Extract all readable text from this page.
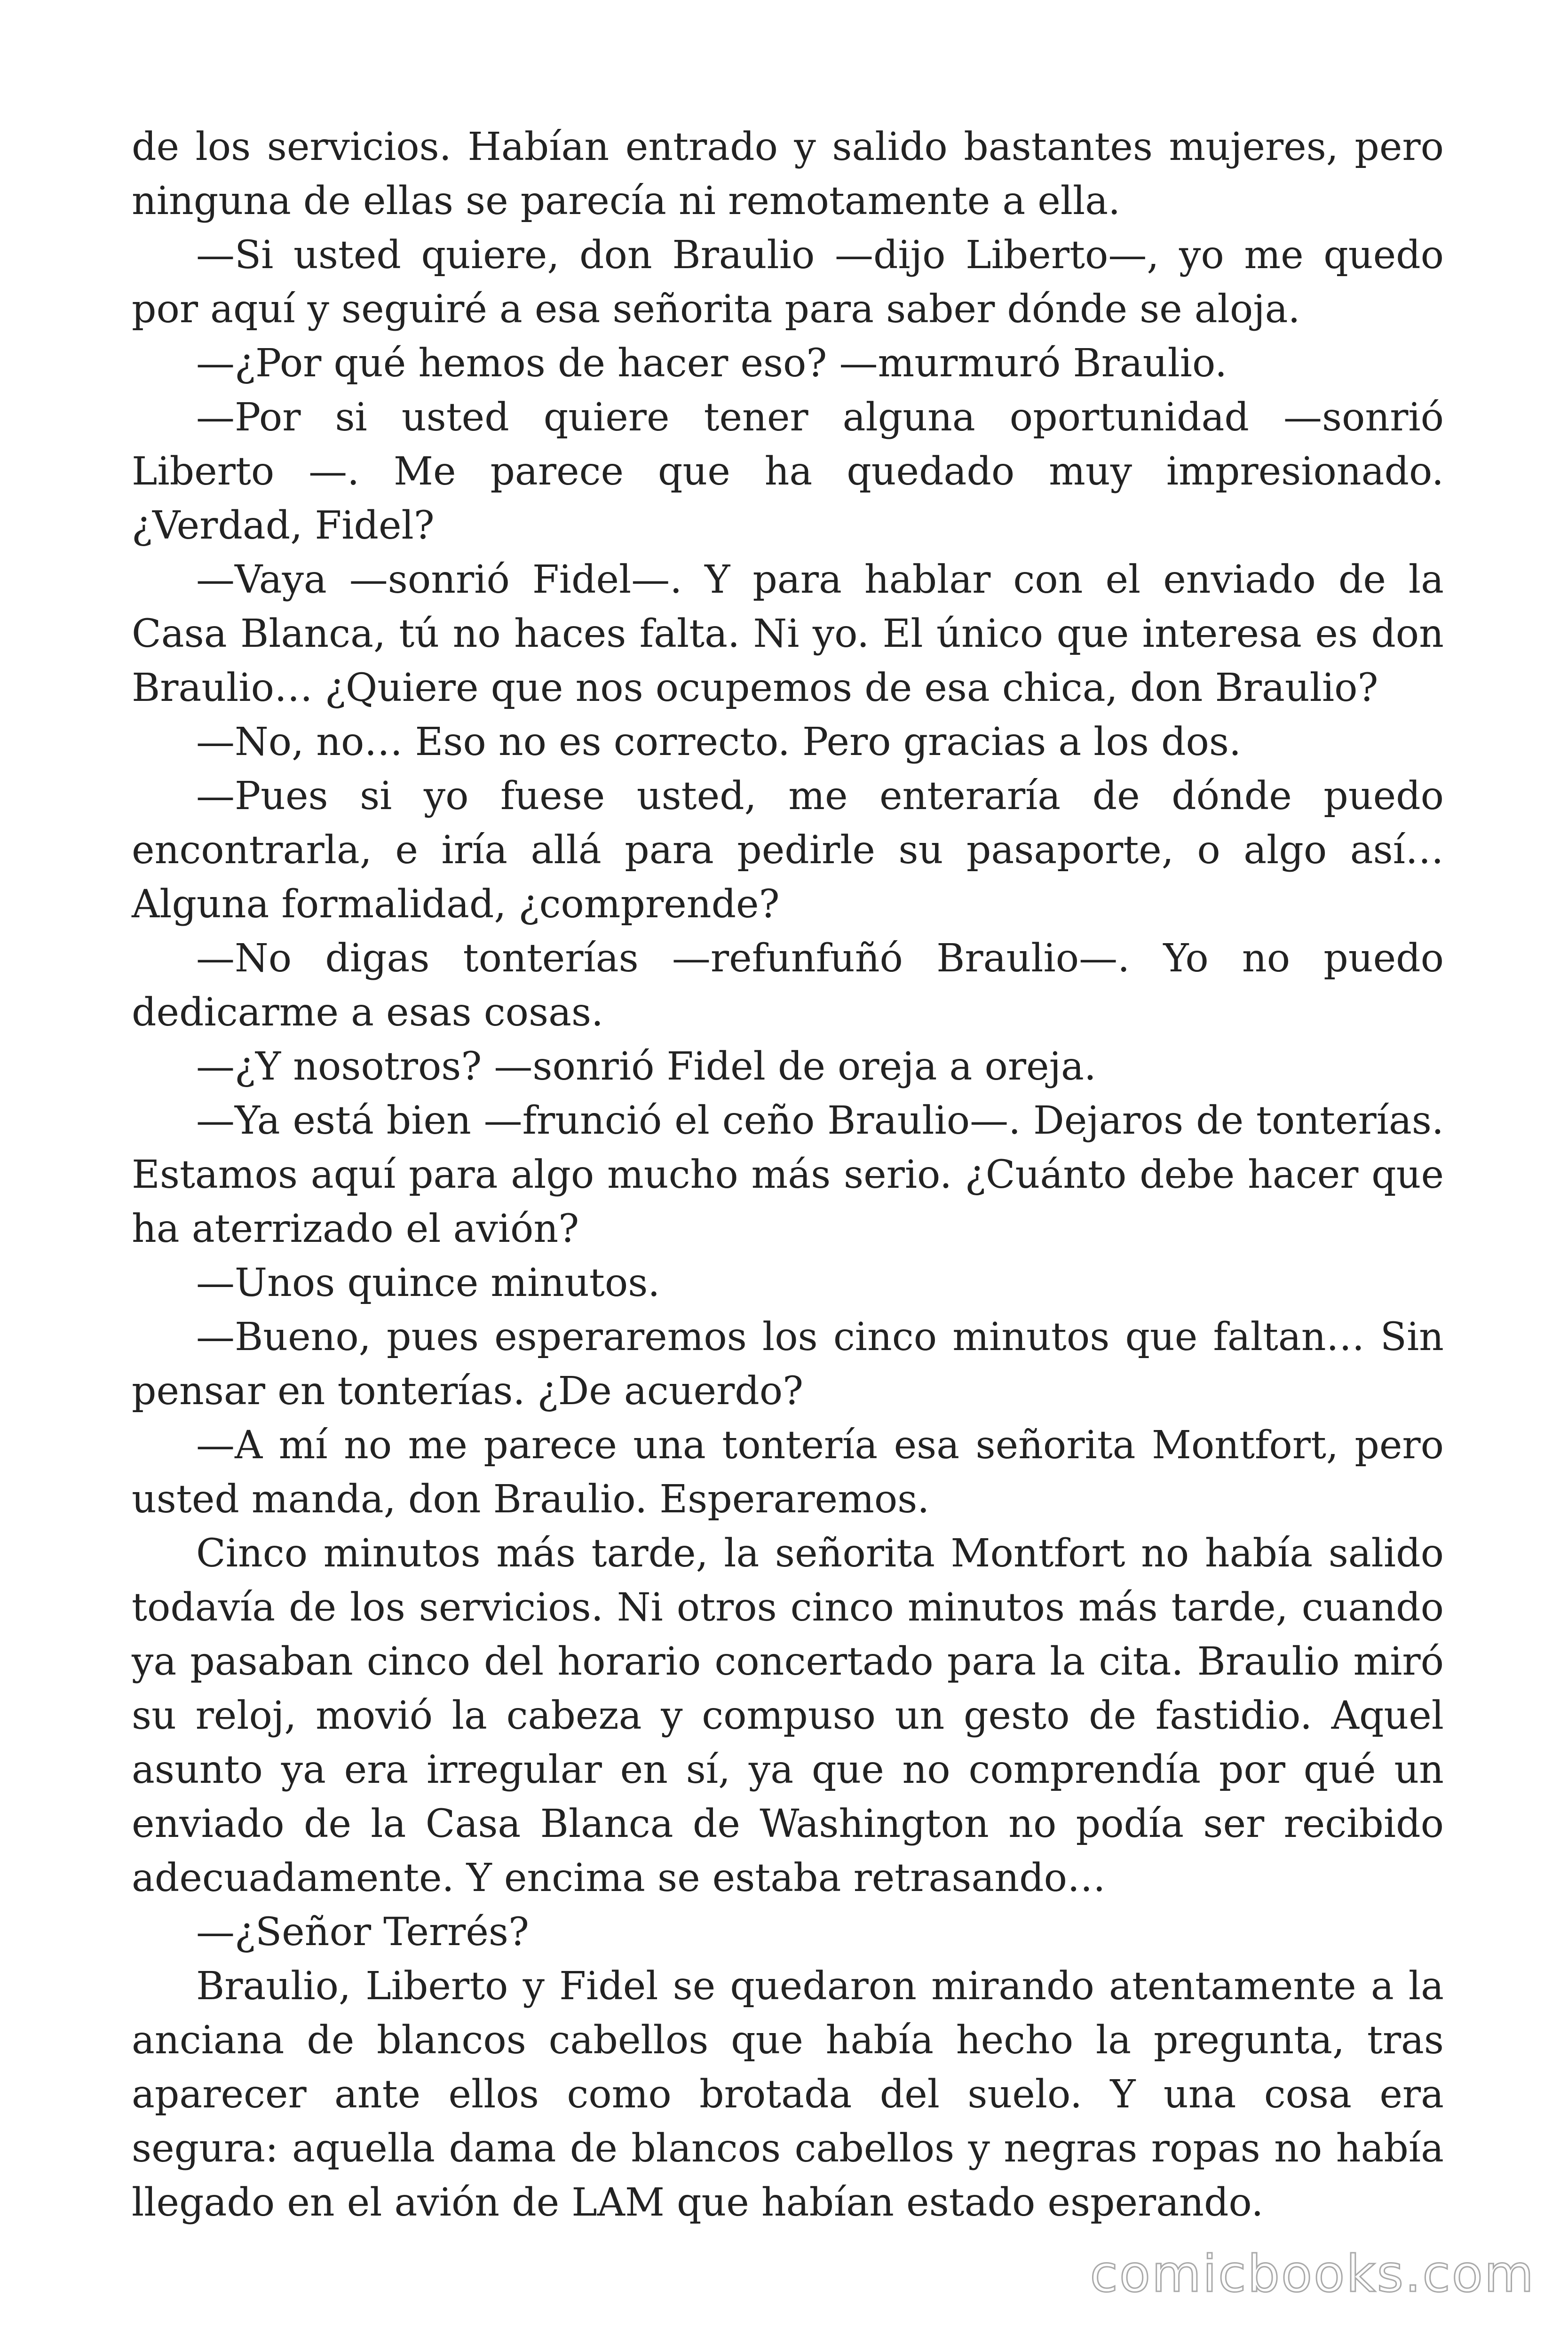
de los servicios. Habían entrado y salido bastantes mujeres, pero ninguna de ellas se parecía ni remotamente a ella.

—Si usted quiere, don Braulio —dijo Liberto—, yo me quedo por aquí y seguiré a esa señorita para saber dónde se aloja.

—¿Por qué hemos de hacer eso? —murmuró Braulio.

—Por si usted quiere tener alguna oportunidad —sonrió Liberto —. Me parece que ha quedado muy impresionado. ¿Verdad, Fidel?

—Vaya —sonrió Fidel—. Y para hablar con el enviado de la Casa Blanca, tú no haces falta. Ni yo. El único que interesa es don Braulio… ¿Quiere que nos ocupemos de esa chica, don Braulio?

—No, no… Eso no es correcto. Pero gracias a los dos.

—Pues si yo fuese usted, me enteraría de dónde puedo encontrarla, e iría allá para pedirle su pasaporte, o algo así… Alguna formalidad, ¿comprende?

—No digas tonterías —refunfuñó Braulio—. Yo no puedo dedicarme a esas cosas.

—¿Y nosotros? —sonrió Fidel de oreja a oreja.

—Ya está bien —frunció el ceño Braulio—. Dejaros de tonterías. Estamos aquí para algo mucho más serio. ¿Cuánto debe hacer que ha aterrizado el avión?

—Unos quince minutos.

—Bueno, pues esperaremos los cinco minutos que faltan… Sin pensar en tonterías. ¿De acuerdo?

—A mí no me parece una tontería esa señorita Montfort, pero usted manda, don Braulio. Esperaremos.

Cinco minutos más tarde, la señorita Montfort no había salido todavía de los servicios. Ni otros cinco minutos más tarde, cuando ya pasaban cinco del horario concertado para la cita. Braulio miró su reloj, movió la cabeza y compuso un gesto de fastidio. Aquel asunto ya era irregular en sí, ya que no comprendía por qué un enviado de la Casa Blanca de Washington no podía ser recibido adecuadamente. Y encima se estaba retrasando…

—¿Señor Terrés?

Braulio, Liberto y Fidel se quedaron mirando atentamente a la anciana de blancos cabellos que había hecho la pregunta, tras aparecer ante ellos como brotada del suelo. Y una cosa era segura: aquella dama de blancos cabellos y negras ropas no había llegado en el avión de LAM que habían estado esperando.

comicbooks.com
